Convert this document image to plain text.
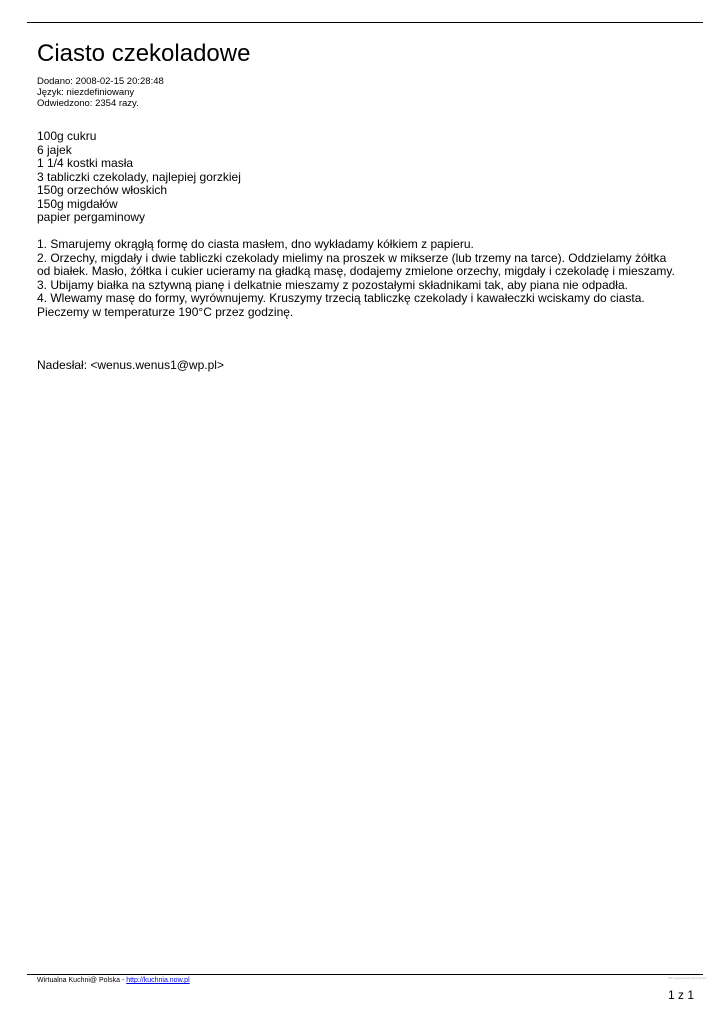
Ciasto czekoladowe
Dodano: 2008-02-15 20:28:48
Język: niezdefiniowany
Odwiedzono: 2354 razy.
100g cukru
6 jajek
1 1/4 kostki masła
3 tabliczki czekolady, najlepiej gorzkiej
150g orzechów włoskich
150g migdałów
papier pergaminowy

1. Smarujemy okrągłą formę do ciasta masłem, dno wykładamy kółkiem z papieru.

2. Orzechy, migdały i dwie tabliczki czekolady mielimy na proszek w mikserze (lub trzemy na tarce). Oddzielamy żółtka od białek. Masło, żółtka i cukier ucieramy na gładką masę, dodajemy zmielone orzechy, migdały i czekoladę i mieszamy.

3. Ubijamy białka na sztywną pianę i delkatnie mieszamy z pozostałymi składnikami tak, aby piana nie odpadła.

4. Wlewamy masę do formy, wyrównujemy. Kruszymy trzecią tabliczkę czekolady i kawałeczki wciskamy do ciasta. Pieczemy w temperaturze 190°C przez godzinę.

Nadesłał: <wenus.wenus1@wp.pl>
Wirtualna Kuchni@ Polska - http://kuchnia.now.pl	PDF wygenerowany przez dompdf
1 z 1
